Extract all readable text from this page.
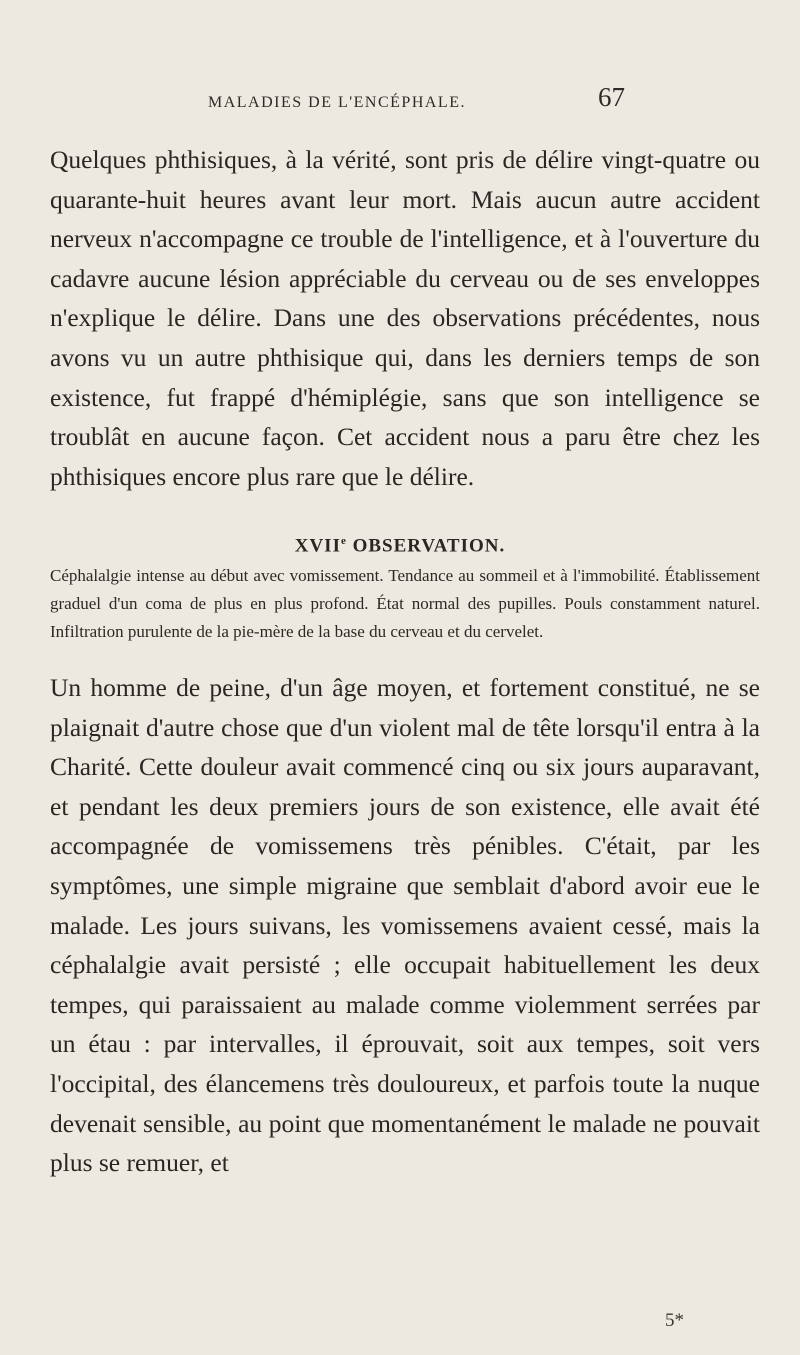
MALADIES DE L'ENCÉPHALE.	67

Quelques phthisiques, à la vérité, sont pris de délire vingt-quatre ou quarante-huit heures avant leur mort. Mais aucun autre accident nerveux n'accompagne ce trouble de l'intelligence, et à l'ouverture du cadavre aucune lésion appréciable du cerveau ou de ses enveloppes n'explique le délire. Dans une des observations précédentes, nous avons vu un autre phthisique qui, dans les derniers temps de son existence, fut frappé d'hémiplégie, sans que son intelligence se troublât en aucune façon. Cet accident nous a paru être chez les phthisiques encore plus rare que le délire.

XVIIe OBSERVATION.

Céphalalgie intense au début avec vomissement. Tendance au sommeil et à l'immobilité. Établissement graduel d'un coma de plus en plus profond. État normal des pupilles. Pouls constamment naturel. Infiltration purulente de la pie-mère de la base du cerveau et du cervelet.

Un homme de peine, d'un âge moyen, et fortement constitué, ne se plaignait d'autre chose que d'un violent mal de tête lorsqu'il entra à la Charité. Cette douleur avait commencé cinq ou six jours auparavant, et pendant les deux premiers jours de son existence, elle avait été accompagnée de vomissemens très pénibles. C'était, par les symptômes, une simple migraine que semblait d'abord avoir eue le malade. Les jours suivans, les vomissemens avaient cessé, mais la céphalalgie avait persisté ; elle occupait habituellement les deux tempes, qui paraissaient au malade comme violemment serrées par un étau : par intervalles, il éprouvait, soit aux tempes, soit vers l'occipital, des élancemens très douloureux, et parfois toute la nuque devenait sensible, au point que momentanément le malade ne pouvait plus se remuer, et

5*
